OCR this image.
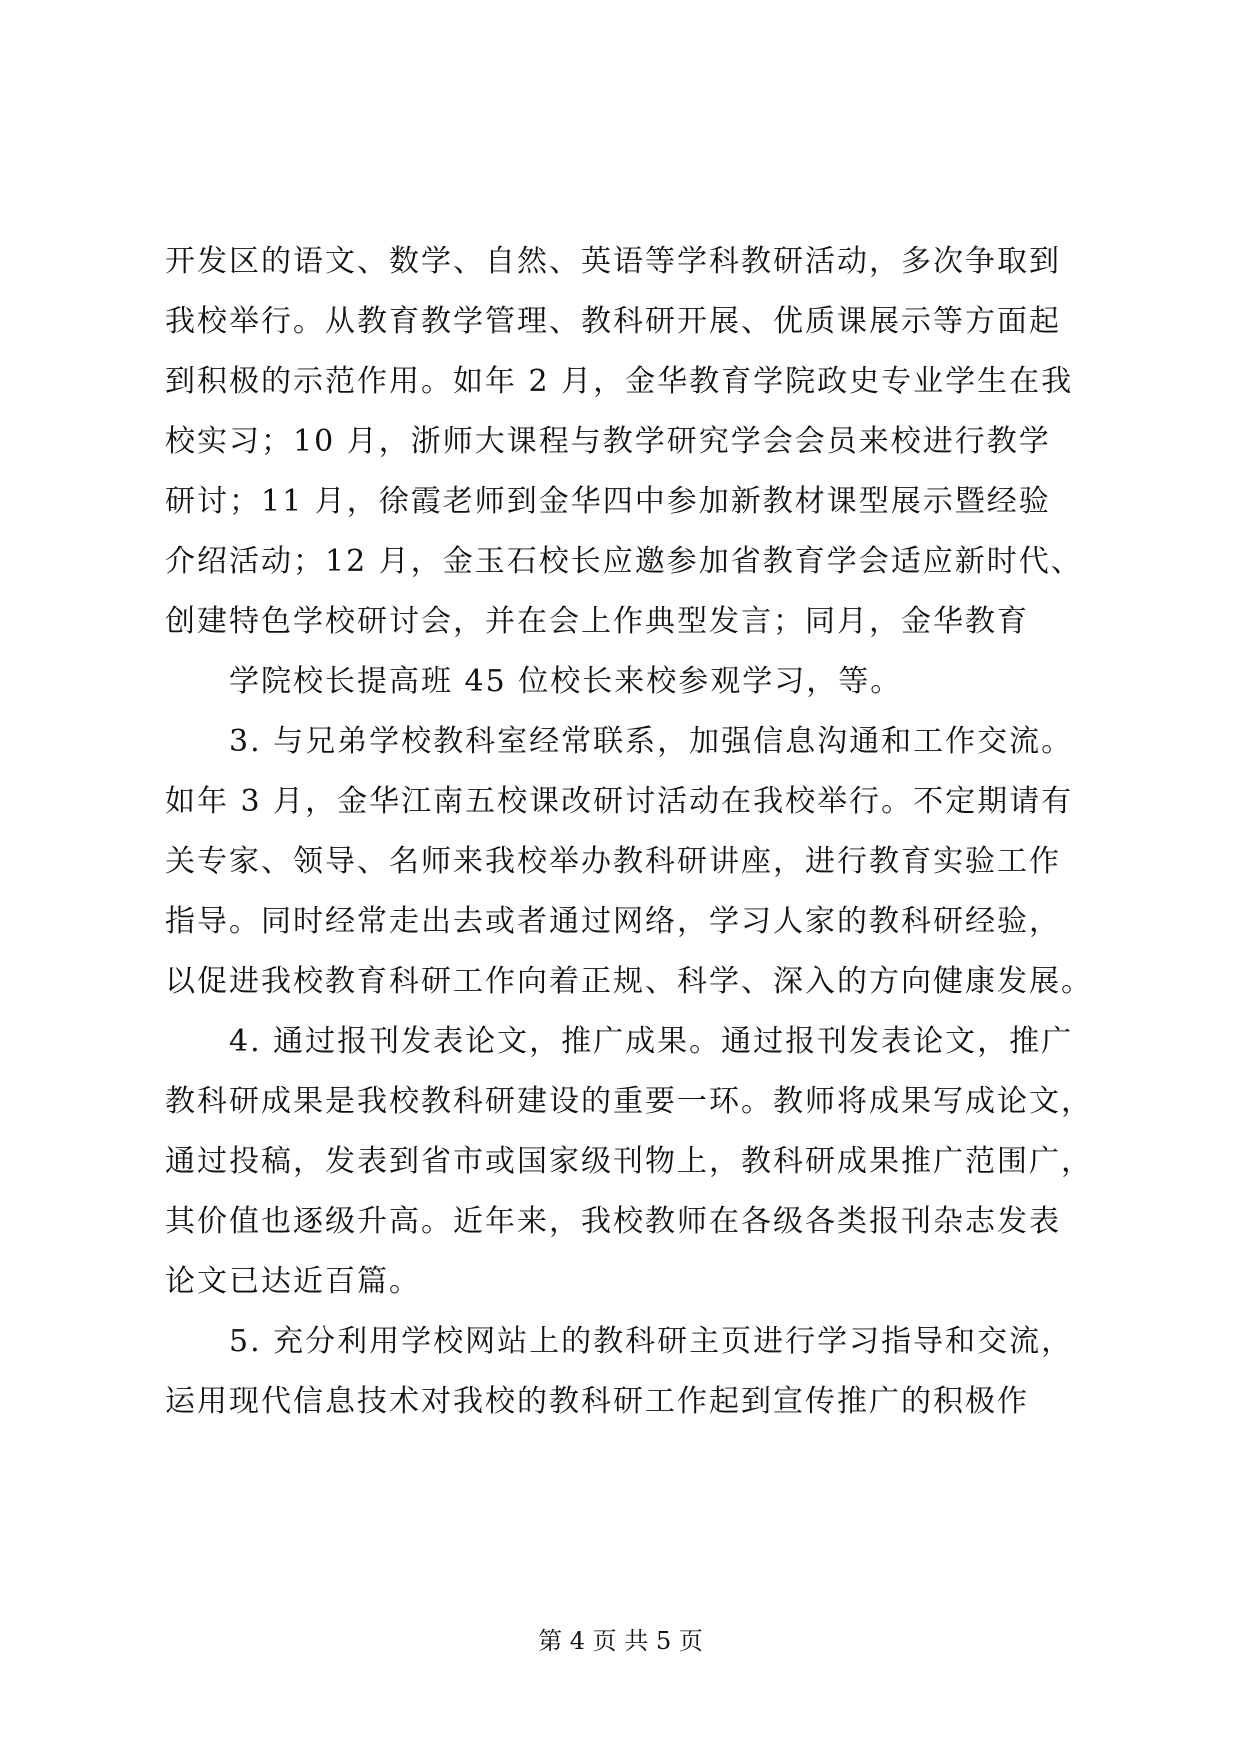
开发区的语文、数学、自然、英语等学科教研活动，多次争取到
我校举行。从教育教学管理、教科研开展、优质课展示等方面起
到积极的示范作用。如年 2 月，金华教育学院政史专业学生在我
校实习；10 月，浙师大课程与教学研究学会会员来校进行教学
研讨；11 月，徐霞老师到金华四中参加新教材课型展示暨经验
介绍活动；12 月，金玉石校长应邀参加省教育学会适应新时代、
创建特色学校研讨会，并在会上作典型发言；同月，金华教育
学院校长提高班 45 位校长来校参观学习，等。
3. 与兄弟学校教科室经常联系，加强信息沟通和工作交流。
如年 3 月，金华江南五校课改研讨活动在我校举行。不定期请有
关专家、领导、名师来我校举办教科研讲座，进行教育实验工作
指导。同时经常走出去或者通过网络，学习人家的教科研经验，
以促进我校教育科研工作向着正规、科学、深入的方向健康发展。
4. 通过报刊发表论文，推广成果。通过报刊发表论文，推广
教科研成果是我校教科研建设的重要一环。教师将成果写成论文，
通过投稿，发表到省市或国家级刊物上，教科研成果推广范围广，
其价值也逐级升高。近年来，我校教师在各级各类报刊杂志发表
论文已达近百篇。
5. 充分利用学校网站上的教科研主页进行学习指导和交流，
运用现代信息技术对我校的教科研工作起到宣传推广的积极作
第 4 页 共 5 页
